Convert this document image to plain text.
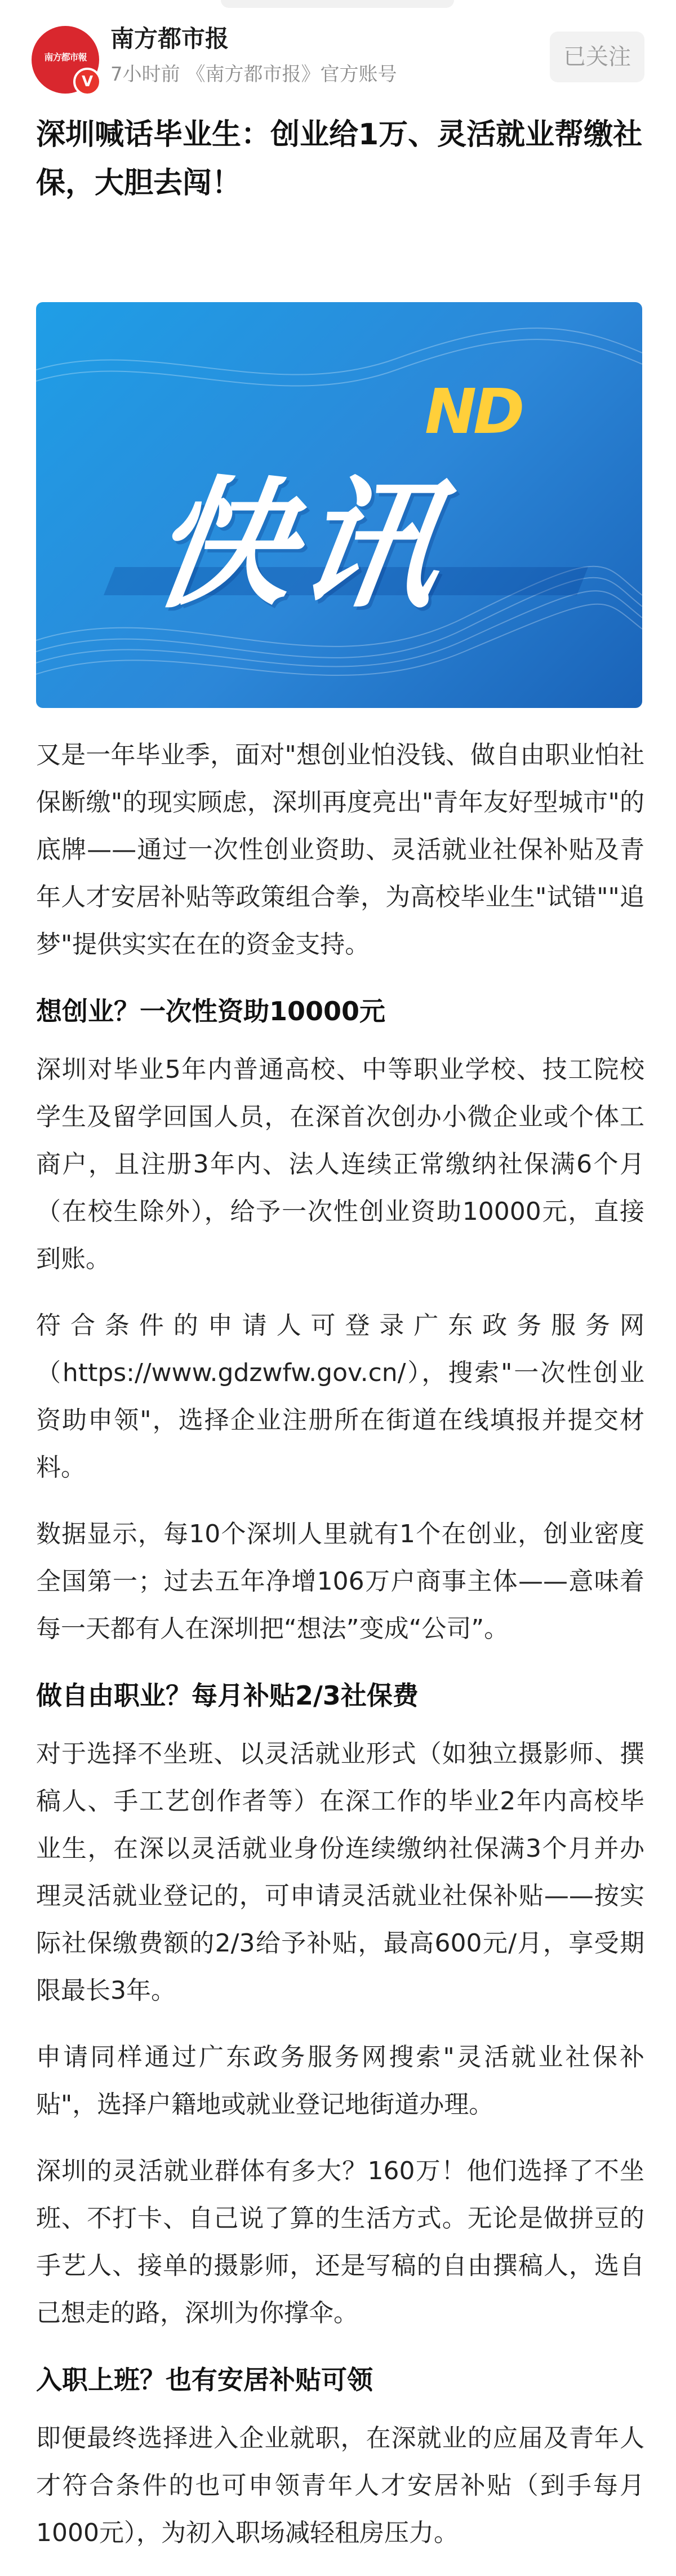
南方都市報
V
南方都市报
7小时前 《南方都市报》官方账号
已关注
深圳喊话毕业生：创业给1万、灵活就业帮缴社保，大胆去闯！
ND
快讯

又是一年毕业季，面对"想创业怕没钱、做自由职业怕社保断缴"的现实顾虑，深圳再度亮出"青年友好型城市"的底牌——通过一次性创业资助、灵活就业社保补贴及青年人才安居补贴等政策组合拳，为高校毕业生"试错""追梦"提供实实在在的资金支持。

想创业？一次性资助10000元

深圳对毕业5年内普通高校、中等职业学校、技工院校学生及留学回国人员，在深首次创办小微企业或个体工商户，且注册3年内、法人连续正常缴纳社保满6个月（在校生除外），给予一次性创业资助10000元，直接到账。

符合条件的申请人可登录广东政务服务网（https://www.gdzwfw.gov.cn/），搜索"一次性创业资助申领"，选择企业注册所在街道在线填报并提交材料。

数据显示，每10个深圳人里就有1个在创业，创业密度全国第一；过去五年净增106万户商事主体——意味着每一天都有人在深圳把“想法”变成“公司”。

做自由职业？每月补贴2/3社保费

对于选择不坐班、以灵活就业形式（如独立摄影师、撰稿人、手工艺创作者等）在深工作的毕业2年内高校毕业生，在深以灵活就业身份连续缴纳社保满3个月并办理灵活就业登记的，可申请灵活就业社保补贴——按实际社保缴费额的2/3给予补贴，最高600元/月，享受期限最长3年。

申请同样通过广东政务服务网搜索"灵活就业社保补贴"，选择户籍地或就业登记地街道办理。

深圳的灵活就业群体有多大？160万！他们选择了不坐班、不打卡、自己说了算的生活方式。无论是做拼豆的手艺人、接单的摄影师，还是写稿的自由撰稿人，选自己想走的路，深圳为你撑伞。

入职上班？也有安居补贴可领

即便最终选择进入企业就职，在深就业的应届及青年人才符合条件的也可申领青年人才安居补贴（到手每月1000元），为初入职场减轻租房压力。
